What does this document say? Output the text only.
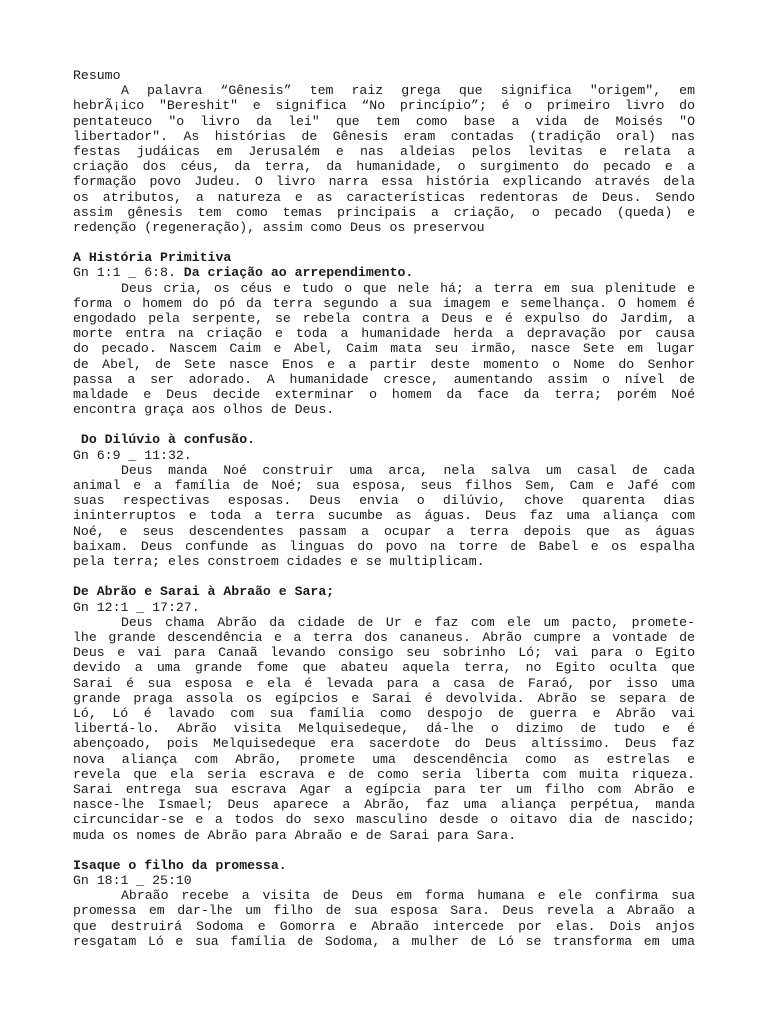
Resumo
A palavra “Gênesis” tem raiz grega que significa "origem", em
hebrÃ¡ico "Bereshit" e significa “No princípio”; é o primeiro livro do
pentateuco "o livro da lei" que tem como base a vida de Moisés "O
libertador". As histórias de Gênesis eram contadas (tradição oral) nas
festas judáicas em Jerusalém e nas aldeias pelos levitas e relata a
criação dos céus, da terra, da humanidade, o surgimento do pecado e a
formação povo Judeu. O livro narra essa história explicando através dela
os atributos, a natureza e as características redentoras de Deus. Sendo
assim gênesis tem como temas principais a criação, o pecado (queda) e
redenção (regeneração), assim como Deus os preservou
A História Primitiva
Gn 1:1 _ 6:8. Da criação ao arrependimento.
Deus cria, os céus e tudo o que nele há; a terra em sua plenitude e
forma o homem do pó da terra segundo a sua imagem e semelhança. O homem é
engodado pela serpente, se rebela contra a Deus e é expulso do Jardim, a
morte entra na criação e toda a humanidade herda a depravação por causa
do pecado. Nascem Caim e Abel, Caim mata seu irmão, nasce Sete em lugar
de Abel, de Sete nasce Enos e a partir deste momento o Nome do Senhor
passa a ser adorado. A humanidade cresce, aumentando assim o nível de
maldade e Deus decide exterminar o homem da face da terra; porém Noé
encontra graça aos olhos de Deus.
Do Dilúvio à confusão.
Gn 6:9 _ 11:32.
Deus manda Noé construir uma arca, nela salva um casal de cada
animal e a família de Noé; sua esposa, seus filhos Sem, Cam e Jafé com
suas respectivas esposas. Deus envia o dilúvio, chove quarenta dias
ininterruptos e toda a terra sucumbe as águas. Deus faz uma aliança com
Noé, e seus descendentes passam a ocupar a terra depois que as águas
baixam. Deus confunde as linguas do povo na torre de Babel e os espalha
pela terra; eles constroem cidades e se multiplicam.
De Abrão e Sarai à Abraão e Sara;
Gn 12:1 _ 17:27.
Deus chama Abrão da cidade de Ur e faz com ele um pacto, promete-
lhe grande descendência e a terra dos cananeus. Abrão cumpre a vontade de
Deus e vai para Canaã levando consigo seu sobrinho Ló; vai para o Egito
devido a uma grande fome que abateu aquela terra, no Egito oculta que
Sarai é sua esposa e ela é levada para a casa de Faraó, por isso uma
grande praga assola os egípcios e Sarai é devolvida. Abrão se separa de
Ló, Ló é lavado com sua família como despojo de guerra e Abrão vai
libertá-lo. Abrão visita Melquisedeque, dá-lhe o dizimo de tudo e é
abençoado, pois Melquisedeque era sacerdote do Deus altíssimo. Deus faz
nova aliança com Abrão, promete uma descendência como as estrelas e
revela que ela seria escrava e de como seria liberta com muita riqueza.
Sarai entrega sua escrava Agar a egípcia para ter um filho com Abrão e
nasce-lhe Ismael; Deus aparece a Abrão, faz uma aliança perpétua, manda
circuncidar-se e a todos do sexo masculino desde o oitavo dia de nascido;
muda os nomes de Abrão para Abraão e de Sarai para Sara.
Isaque o filho da promessa.
Gn 18:1 _ 25:10
Abraão recebe a visita de Deus em forma humana e ele confirma sua
promessa em dar-lhe um filho de sua esposa Sara. Deus revela a Abraão a
que destruirá Sodoma e Gomorra e Abraão intercede por elas. Dois anjos
resgatam Ló e sua família de Sodoma, a mulher de Ló se transforma em uma
